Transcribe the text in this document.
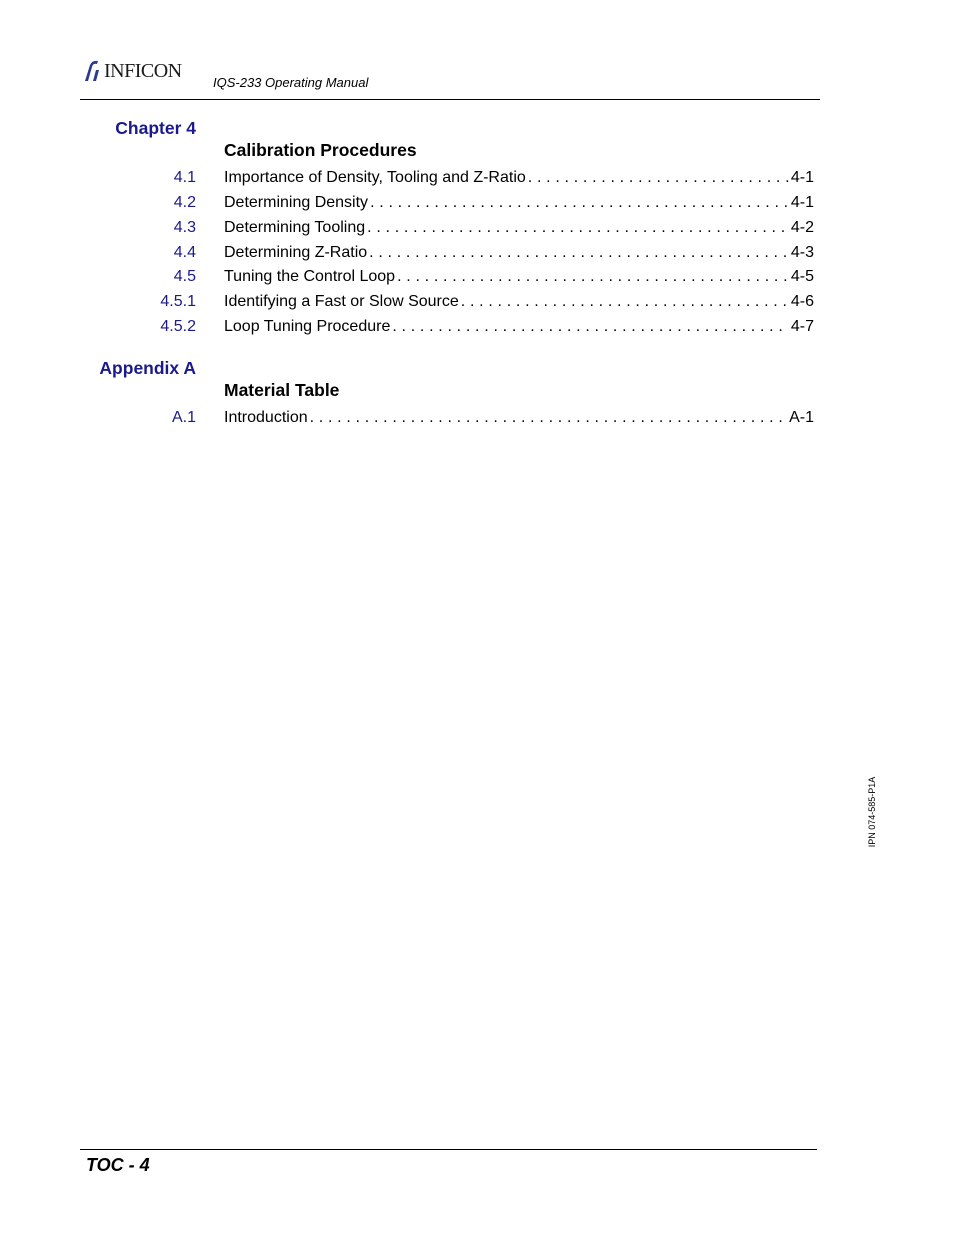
INFICON
IQS-233 Operating Manual
Chapter 4
Calibration Procedures
4.1 Importance of Density, Tooling and Z-Ratio . . .	4-1
4.2 Determining Density . . .	4-1
4.3 Determining Tooling . . .	4-2
4.4 Determining Z-Ratio . . .	4-3
4.5 Tuning the Control Loop . . .	4-5
4.5.1 Identifying a Fast or Slow Source . . .	4-6
4.5.2 Loop Tuning Procedure . . .	4-7
Appendix A
Material Table
A.1 Introduction . . .	A-1
IPN 074-585-P1A
TOC - 4
